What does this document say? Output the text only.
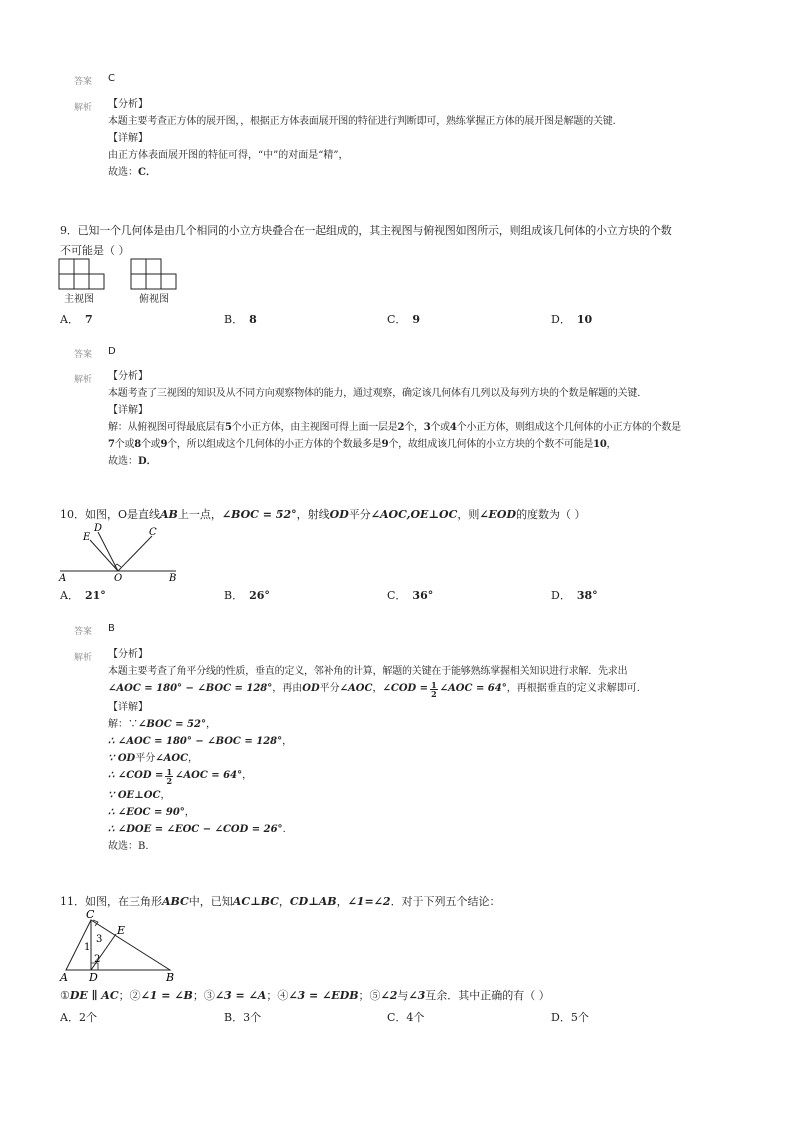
答案 C
解析 【分析】
本题主要考查正方体的展开图，，根据正方体表面展开图的特征进行判断即可，熟练掌握正方体的展开图是解题的关键．
【详解】
由正方体表面展开图的特征可得，“中”的对面是“精”，
故选：C．
9．已知一个几何体是由几个相同的小立方块叠合在一起组成的，其主视图与俯视图如图所示，则组成该几何体的小立方块的个数
不可能是（ ）
主视图	俯视图
A． 7	B． 8	C． 9	D． 10
答案 D
解析 【分析】
本题考查了三视图的知识及从不同方向观察物体的能力，通过观察，确定该几何体有几列以及每列方块的个数是解题的关键．
【详解】
解：从俯视图可得最底层有5个小正方体，由主视图可得上面一层是2个，3个或4个小正方体，则组成这个几何体的小正方体的个数是
7个或8个或9个，所以组成这个几何体的小正方体的个数最多是9个，故组成该几何体的小立方块的个数不可能是10，
故选：D．
10．如图，O是直线AB上一点，∠BOC = 52°，射线OD平分∠AOC,OE⊥OC，则∠EOD的度数为（ ）
D
E	C
A	O	B
A． 21°	B． 26°	C． 36°	D． 38°
答案 B
解析 【分析】
本题主要考查了角平分线的性质，垂直的定义，邻补角的计算，解题的关键在于能够熟练掌握相关知识进行求解．先求出
∠AOC = 180° − ∠BOC = 128° ，再由 OD 平分 ∠AOC ， ∠COD = $\frac{1}{2}$ ∠AOC = 64° ，再根据垂直的定义求解即可．
【详解】
解：∵∠BOC = 52°，
∴ ∠AOC = 180° − ∠BOC = 128°，
∵ OD平分∠AOC，
∴ ∠COD = $\frac{1}{2}$ ∠AOC = 64° ，
∵ OE⊥OC，
∴ ∠EOC = 90°，
∴ ∠DOE = ∠EOC − ∠COD = 26°．
故选：B．
11．如图，在三角形ABC中，已知AC⊥BC，CD⊥AB，∠1=∠2．对于下列五个结论：
C
E
A D	B
1
2
3
①DE ∥ AC；②∠1 = ∠B；③∠3 = ∠A；④∠3 = ∠EDB；⑤∠2与∠3互余．其中正确的有（ ）
A．2个	B．3个	C．4个	D．5个
